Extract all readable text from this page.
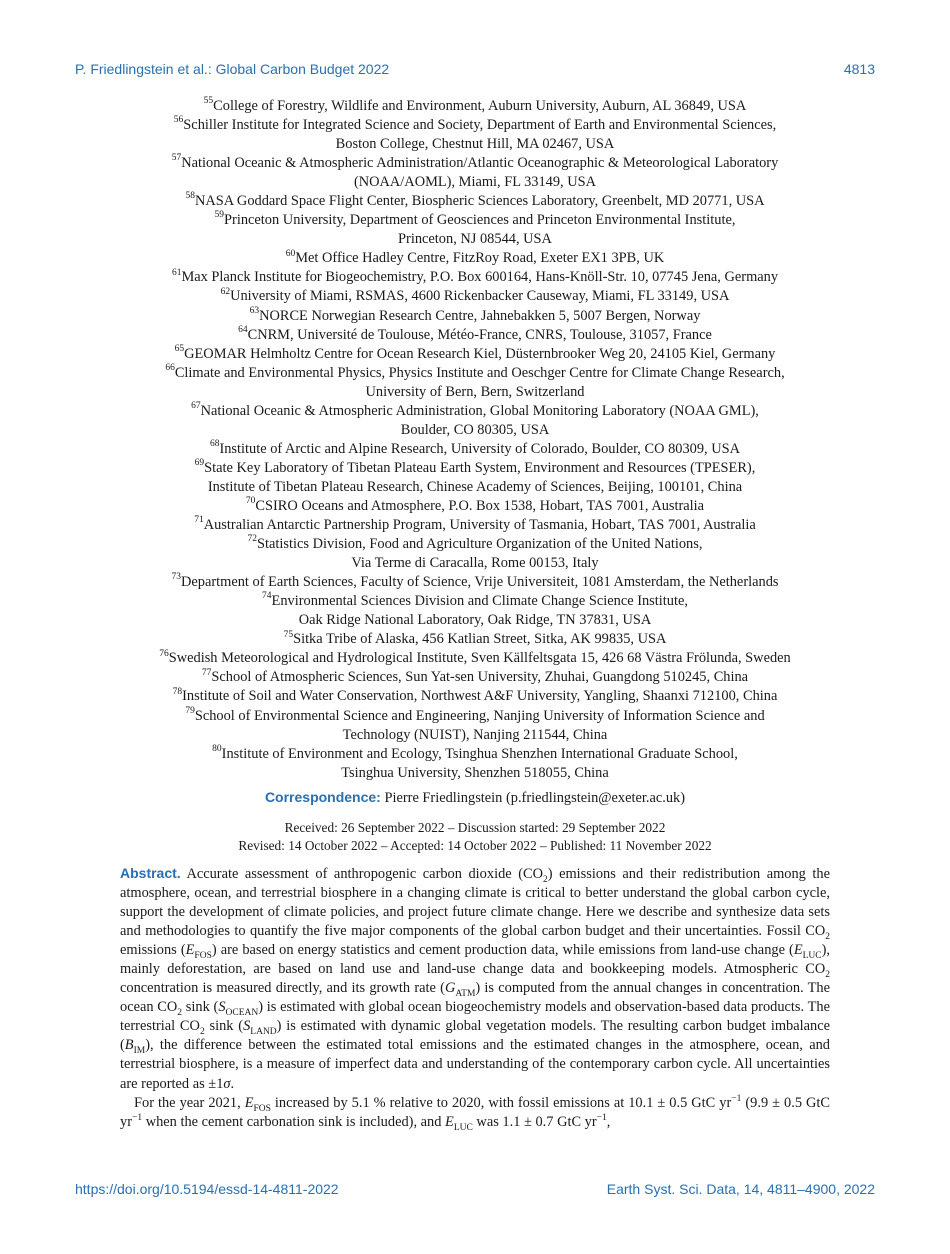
P. Friedlingstein et al.: Global Carbon Budget 2022	4813
$^{55}$College of Forestry, Wildlife and Environment, Auburn University, Auburn, AL 36849, USA
$^{56}$Schiller Institute for Integrated Science and Society, Department of Earth and Environmental Sciences,
Boston College, Chestnut Hill, MA 02467, USA
$^{57}$National Oceanic & Atmospheric Administration/Atlantic Oceanographic & Meteorological Laboratory
(NOAA/AOML), Miami, FL 33149, USA
$^{58}$NASA Goddard Space Flight Center, Biospheric Sciences Laboratory, Greenbelt, MD 20771, USA
$^{59}$Princeton University, Department of Geosciences and Princeton Environmental Institute,
Princeton, NJ 08544, USA
$^{60}$Met Office Hadley Centre, FitzRoy Road, Exeter EX1 3PB, UK
$^{61}$Max Planck Institute for Biogeochemistry, P.O. Box 600164, Hans-Knöll-Str. 10, 07745 Jena, Germany
$^{62}$University of Miami, RSMAS, 4600 Rickenbacker Causeway, Miami, FL 33149, USA
$^{63}$NORCE Norwegian Research Centre, Jahnebakken 5, 5007 Bergen, Norway
$^{64}$CNRM, Université de Toulouse, Météo-France, CNRS, Toulouse, 31057, France
$^{65}$GEOMAR Helmholtz Centre for Ocean Research Kiel, Düsternbrooker Weg 20, 24105 Kiel, Germany
$^{66}$Climate and Environmental Physics, Physics Institute and Oeschger Centre for Climate Change Research,
University of Bern, Bern, Switzerland
$^{67}$National Oceanic & Atmospheric Administration, Global Monitoring Laboratory (NOAA GML),
Boulder, CO 80305, USA
$^{68}$Institute of Arctic and Alpine Research, University of Colorado, Boulder, CO 80309, USA
$^{69}$State Key Laboratory of Tibetan Plateau Earth System, Environment and Resources (TPESER),
Institute of Tibetan Plateau Research, Chinese Academy of Sciences, Beijing, 100101, China
$^{70}$CSIRO Oceans and Atmosphere, P.O. Box 1538, Hobart, TAS 7001, Australia
$^{71}$Australian Antarctic Partnership Program, University of Tasmania, Hobart, TAS 7001, Australia
$^{72}$Statistics Division, Food and Agriculture Organization of the United Nations,
Via Terme di Caracalla, Rome 00153, Italy
$^{73}$Department of Earth Sciences, Faculty of Science, Vrije Universiteit, 1081 Amsterdam, the Netherlands
$^{74}$Environmental Sciences Division and Climate Change Science Institute,
Oak Ridge National Laboratory, Oak Ridge, TN 37831, USA
$^{75}$Sitka Tribe of Alaska, 456 Katlian Street, Sitka, AK 99835, USA
$^{76}$Swedish Meteorological and Hydrological Institute, Sven Källfeltsgata 15, 426 68 Västra Frölunda, Sweden
$^{77}$School of Atmospheric Sciences, Sun Yat-sen University, Zhuhai, Guangdong 510245, China
$^{78}$Institute of Soil and Water Conservation, Northwest A&F University, Yangling, Shaanxi 712100, China
$^{79}$School of Environmental Science and Engineering, Nanjing University of Information Science and
Technology (NUIST), Nanjing 211544, China
$^{80}$Institute of Environment and Ecology, Tsinghua Shenzhen International Graduate School,
Tsinghua University, Shenzhen 518055, China
Correspondence: Pierre Friedlingstein (p.friedlingstein@exeter.ac.uk)
Received: 26 September 2022 – Discussion started: 29 September 2022
Revised: 14 October 2022 – Accepted: 14 October 2022 – Published: 11 November 2022

Abstract. Accurate assessment of anthropogenic carbon dioxide $(CO_2)$ emissions and their redistribution among the atmosphere, ocean, and terrestrial biosphere in a changing climate is critical to better understand the global carbon cycle, support the development of climate policies, and project future climate change. Here we describe and synthesize data sets and methodologies to quantify the five major components of the global carbon budget and their uncertainties. Fossil $CO_2$ emissions $(E_{FOS})$ are based on energy statistics and cement production data, while emissions from land-use change $(E_{LUC})$, mainly deforestation, are based on land use and land-use change data and bookkeeping models. Atmospheric $CO_2$ concentration is measured directly, and its growth rate $(G_{ATM})$ is computed from the annual changes in concentration. The ocean $CO_2$ sink $(S_{OCEAN})$ is estimated with global ocean biogeochemistry models and observation-based data products. The terrestrial $CO_2$ sink $(S_{LAND})$ is estimated with dynamic global vegetation models. The resulting carbon budget imbalance $(B_{IM})$, the difference between the estimated total emissions and the estimated changes in the atmosphere, ocean, and terrestrial biosphere, is a measure of imperfect data and understanding of the contemporary carbon cycle. All uncertainties are reported as ±1σ.

For the year 2021, $E_{FOS}$ increased by 5.1 % relative to 2020, with fossil emissions at 10.1 ± 0.5 GtC $yr^{-1}$ (9.9 ± 0.5 GtC $yr^{-1}$ when the cement carbonation sink is included), and $E_{LUC}$ was 1.1 ± 0.7 GtC $yr^{-1}$,

https://doi.org/10.5194/essd-14-4811-2022	Earth Syst. Sci. Data, 14, 4811–4900, 2022
